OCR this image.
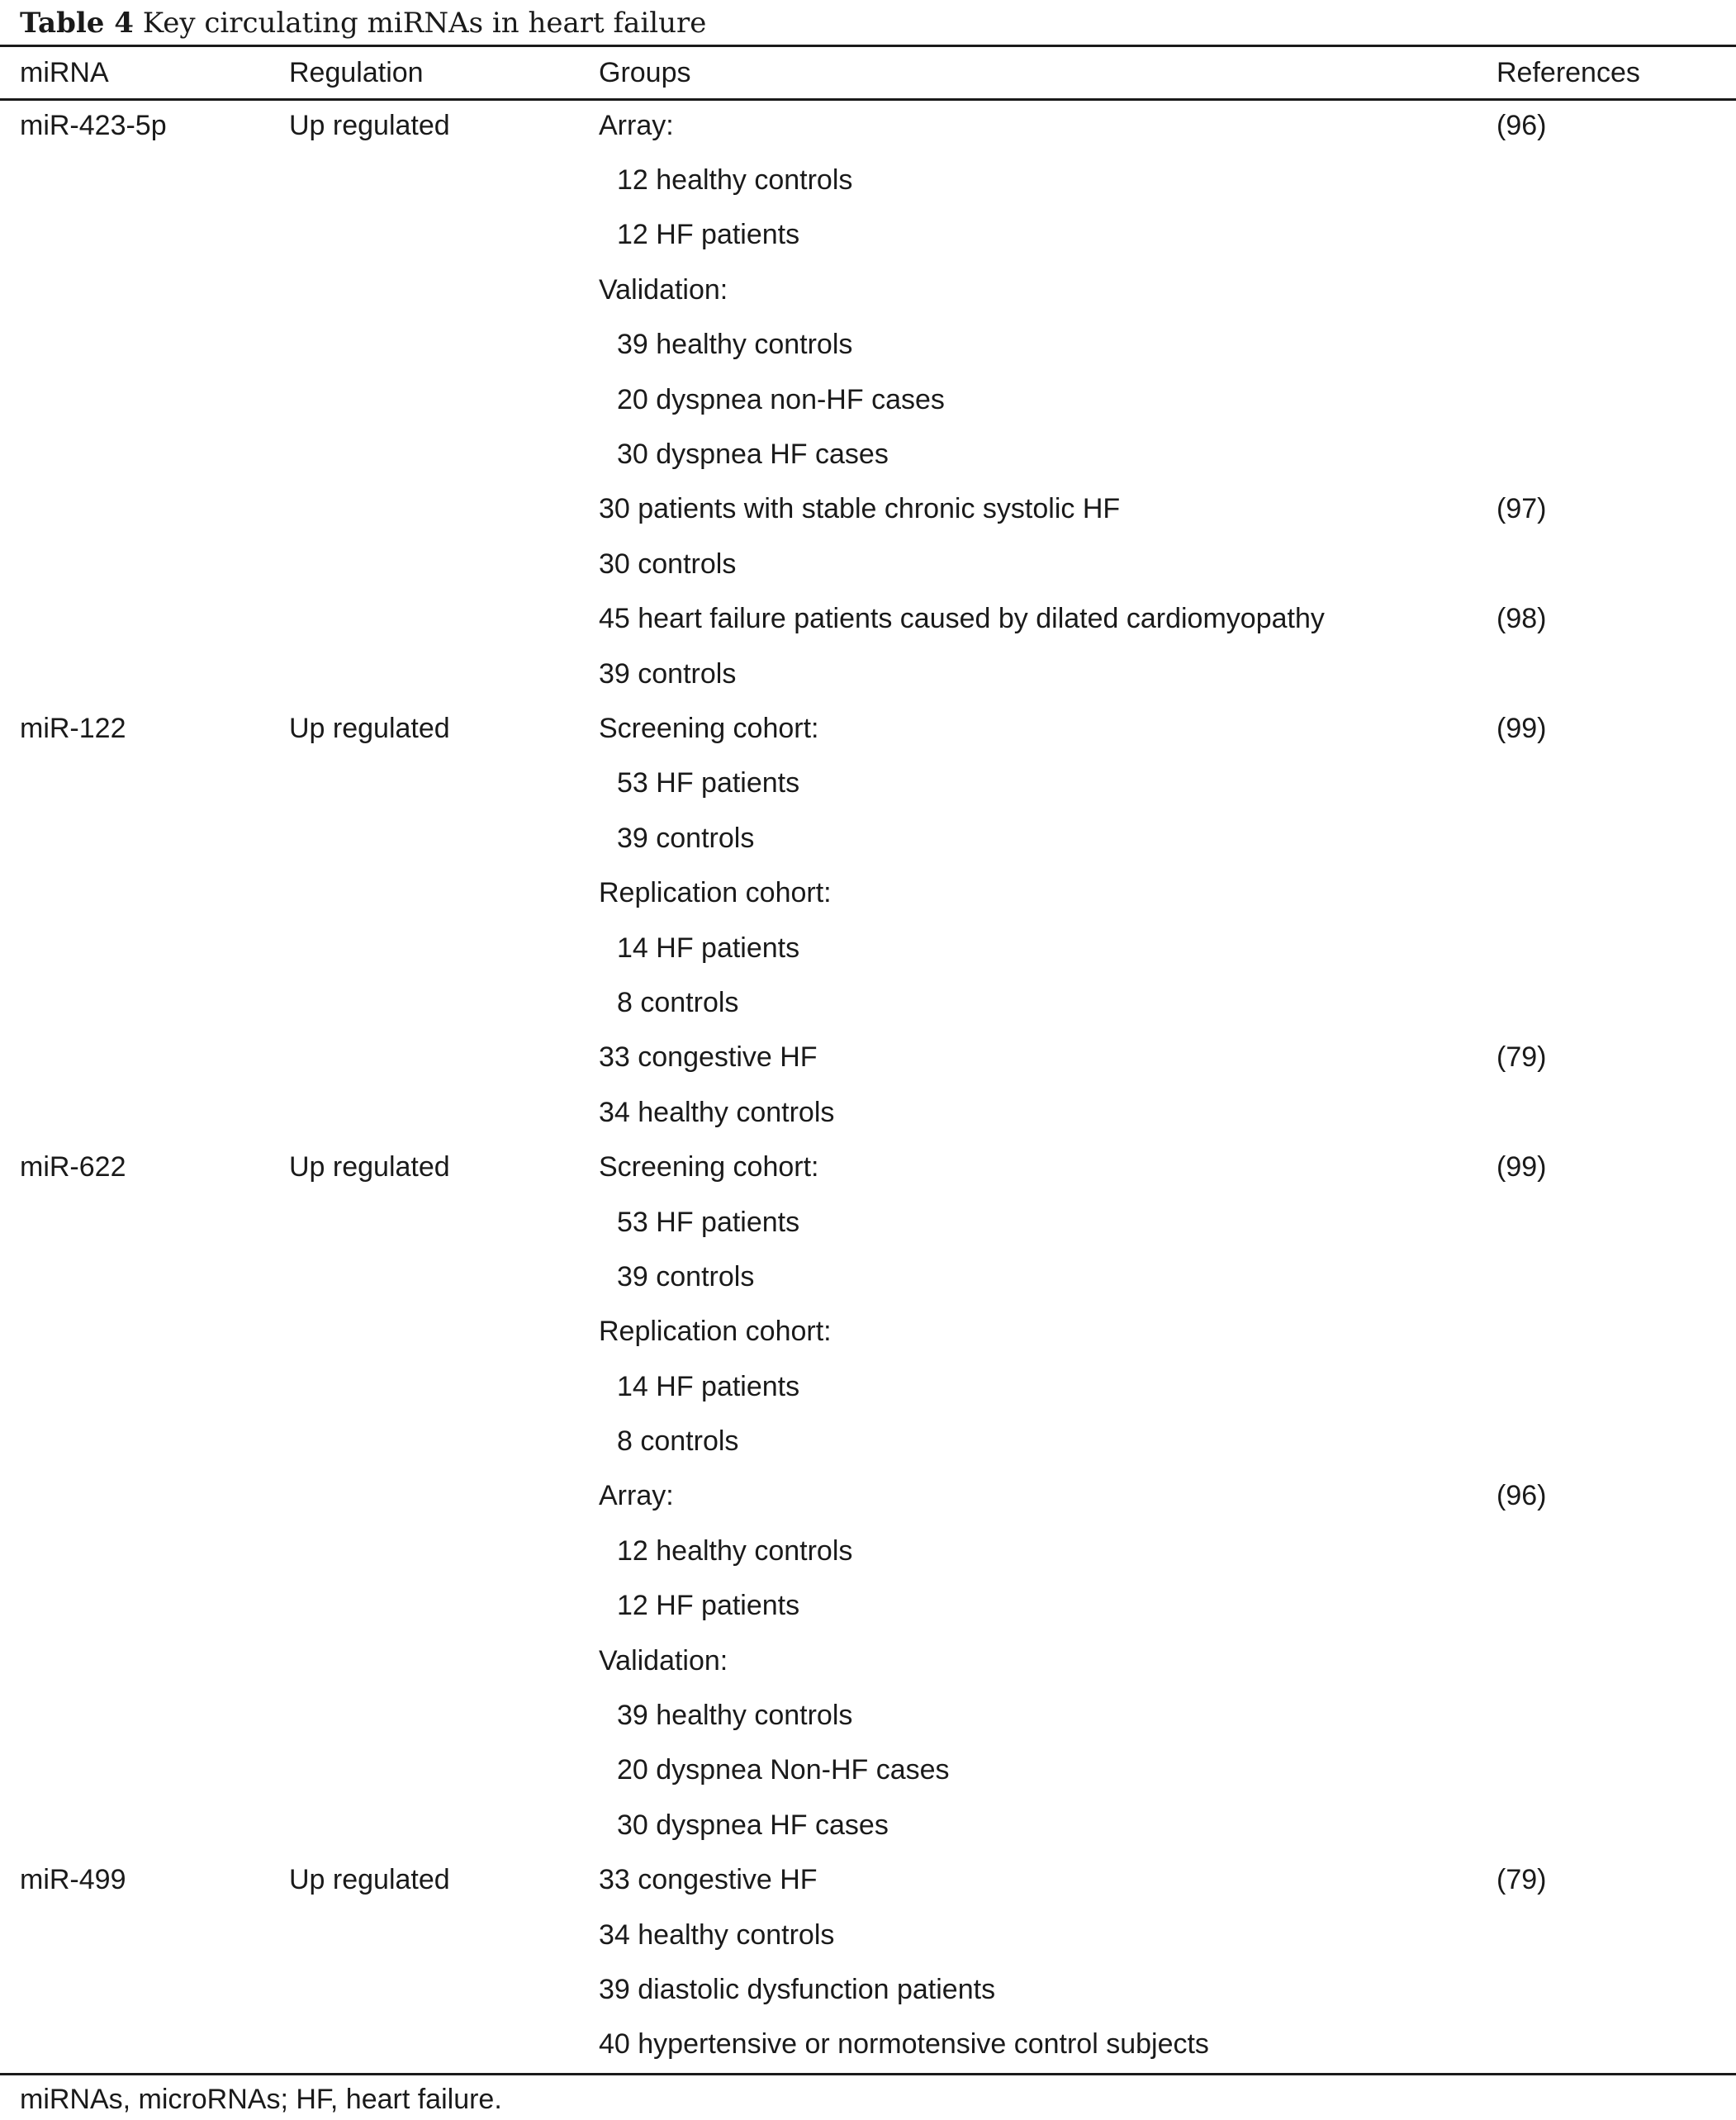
Table 4 Key circulating miRNAs in heart failure
miRNA	Regulation	Groups	References
miR-423-5p	Up regulated	Array:	(96)
		12 healthy controls	
		12 HF patients	
		Validation:	
		39 healthy controls	
		20 dyspnea non-HF cases	
		30 dyspnea HF cases	
		30 patients with stable chronic systolic HF	(97)
		30 controls	
		45 heart failure patients caused by dilated cardiomyopathy	(98)
		39 controls	
miR-122	Up regulated	Screening cohort:	(99)
		53 HF patients	
		39 controls	
		Replication cohort:	
		14 HF patients	
		8 controls	
		33 congestive HF	(79)
		34 healthy controls	
miR-622	Up regulated	Screening cohort:	(99)
		53 HF patients	
		39 controls	
		Replication cohort:	
		14 HF patients	
		8 controls	
		Array:	(96)
		12 healthy controls	
		12 HF patients	
		Validation:	
		39 healthy controls	
		20 dyspnea Non-HF cases	
		30 dyspnea HF cases	
miR-499	Up regulated	33 congestive HF	(79)
		34 healthy controls	
		39 diastolic dysfunction patients	
		40 hypertensive or normotensive control subjects	
miRNAs, microRNAs; HF, heart failure.
